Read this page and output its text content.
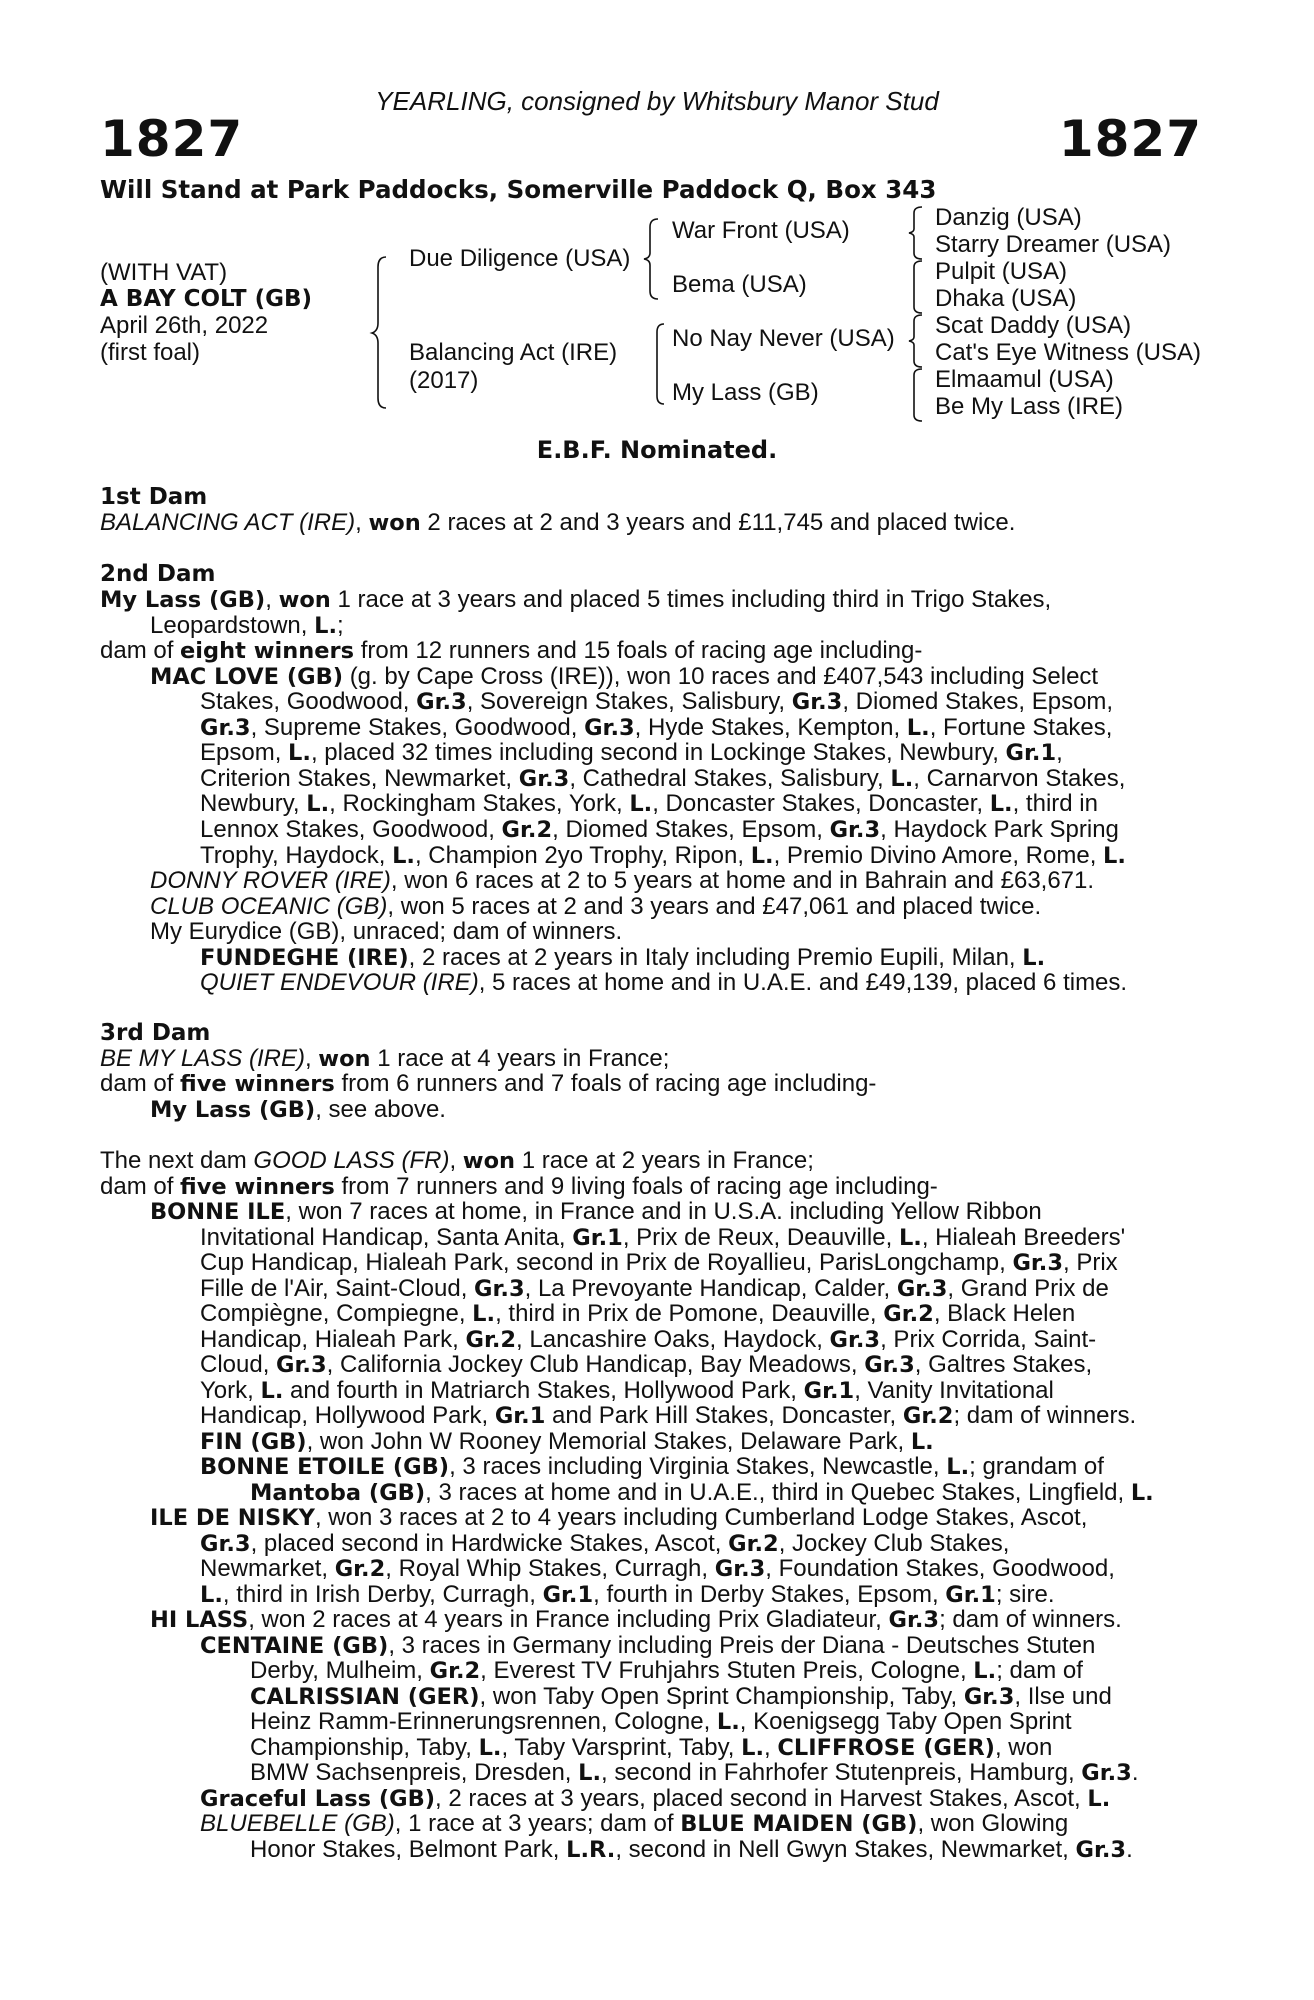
YEARLING, consigned by Whitsbury Manor Stud
1827	1827
Will Stand at Park Paddocks, Somerville Paddock Q, Box 343
(WITH VAT)
A BAY COLT (GB)
April 26th, 2022
(first foal)
Due Diligence (USA)
Balancing Act (IRE)
(2017)
War Front (USA)
Bema (USA)
No Nay Never (USA)
My Lass (GB)
Danzig (USA)
Starry Dreamer (USA)
Pulpit (USA)
Dhaka (USA)
Scat Daddy (USA)
Cat's Eye Witness (USA)
Elmaamul (USA)
Be My Lass (IRE)
E.B.F. Nominated.
1st Dam
BALANCING ACT (IRE), won 2 races at 2 and 3 years and £11,745 and placed twice.
2nd Dam
My Lass (GB), won 1 race at 3 years and placed 5 times including third in Trigo Stakes,
Leopardstown, L.;
dam of eight winners from 12 runners and 15 foals of racing age including-
MAC LOVE (GB) (g. by Cape Cross (IRE)), won 10 races and £407,543 including Select
Stakes, Goodwood, Gr.3, Sovereign Stakes, Salisbury, Gr.3, Diomed Stakes, Epsom,
Gr.3, Supreme Stakes, Goodwood, Gr.3, Hyde Stakes, Kempton, L., Fortune Stakes,
Epsom, L., placed 32 times including second in Lockinge Stakes, Newbury, Gr.1,
Criterion Stakes, Newmarket, Gr.3, Cathedral Stakes, Salisbury, L., Carnarvon Stakes,
Newbury, L., Rockingham Stakes, York, L., Doncaster Stakes, Doncaster, L., third in
Lennox Stakes, Goodwood, Gr.2, Diomed Stakes, Epsom, Gr.3, Haydock Park Spring
Trophy, Haydock, L., Champion 2yo Trophy, Ripon, L., Premio Divino Amore, Rome, L.
DONNY ROVER (IRE), won 6 races at 2 to 5 years at home and in Bahrain and £63,671.
CLUB OCEANIC (GB), won 5 races at 2 and 3 years and £47,061 and placed twice.
My Eurydice (GB), unraced; dam of winners.
FUNDEGHE (IRE), 2 races at 2 years in Italy including Premio Eupili, Milan, L.
QUIET ENDEVOUR (IRE), 5 races at home and in U.A.E. and £49,139, placed 6 times.
3rd Dam
BE MY LASS (IRE), won 1 race at 4 years in France;
dam of five winners from 6 runners and 7 foals of racing age including-
My Lass (GB), see above.
The next dam GOOD LASS (FR), won 1 race at 2 years in France;
dam of five winners from 7 runners and 9 living foals of racing age including-
BONNE ILE, won 7 races at home, in France and in U.S.A. including Yellow Ribbon
Invitational Handicap, Santa Anita, Gr.1, Prix de Reux, Deauville, L., Hialeah Breeders'
Cup Handicap, Hialeah Park, second in Prix de Royallieu, ParisLongchamp, Gr.3, Prix
Fille de l'Air, Saint-Cloud, Gr.3, La Prevoyante Handicap, Calder, Gr.3, Grand Prix de
Compiègne, Compiegne, L., third in Prix de Pomone, Deauville, Gr.2, Black Helen
Handicap, Hialeah Park, Gr.2, Lancashire Oaks, Haydock, Gr.3, Prix Corrida, Saint-
Cloud, Gr.3, California Jockey Club Handicap, Bay Meadows, Gr.3, Galtres Stakes,
York, L. and fourth in Matriarch Stakes, Hollywood Park, Gr.1, Vanity Invitational
Handicap, Hollywood Park, Gr.1 and Park Hill Stakes, Doncaster, Gr.2; dam of winners.
FIN (GB), won John W Rooney Memorial Stakes, Delaware Park, L.
BONNE ETOILE (GB), 3 races including Virginia Stakes, Newcastle, L.; grandam of
Mantoba (GB), 3 races at home and in U.A.E., third in Quebec Stakes, Lingfield, L.
ILE DE NISKY, won 3 races at 2 to 4 years including Cumberland Lodge Stakes, Ascot,
Gr.3, placed second in Hardwicke Stakes, Ascot, Gr.2, Jockey Club Stakes,
Newmarket, Gr.2, Royal Whip Stakes, Curragh, Gr.3, Foundation Stakes, Goodwood,
L., third in Irish Derby, Curragh, Gr.1, fourth in Derby Stakes, Epsom, Gr.1; sire.
HI LASS, won 2 races at 4 years in France including Prix Gladiateur, Gr.3; dam of winners.
CENTAINE (GB), 3 races in Germany including Preis der Diana - Deutsches Stuten
Derby, Mulheim, Gr.2, Everest TV Fruhjahrs Stuten Preis, Cologne, L.; dam of
CALRISSIAN (GER), won Taby Open Sprint Championship, Taby, Gr.3, Ilse und
Heinz Ramm-Erinnerungsrennen, Cologne, L., Koenigsegg Taby Open Sprint
Championship, Taby, L., Taby Varsprint, Taby, L., CLIFFROSE (GER), won
BMW Sachsenpreis, Dresden, L., second in Fahrhofer Stutenpreis, Hamburg, Gr.3.
Graceful Lass (GB), 2 races at 3 years, placed second in Harvest Stakes, Ascot, L.
BLUEBELLE (GB), 1 race at 3 years; dam of BLUE MAIDEN (GB), won Glowing
Honor Stakes, Belmont Park, L.R., second in Nell Gwyn Stakes, Newmarket, Gr.3.
